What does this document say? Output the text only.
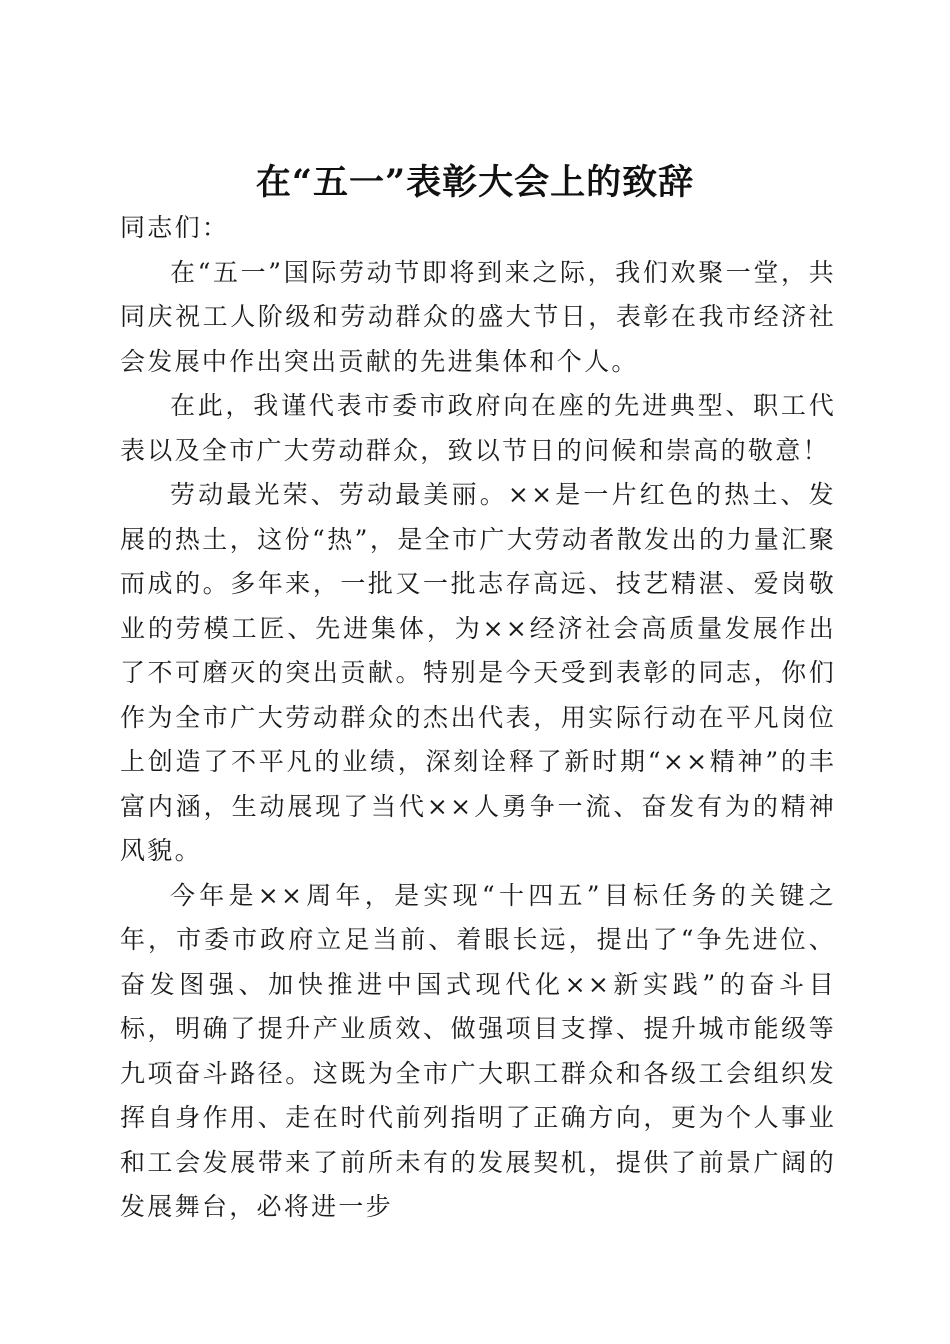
在“五一”表彰大会上的致辞

同志们：

在“五一”国际劳动节即将到来之际，我们欢聚一堂，共同庆祝工人阶级和劳动群众的盛大节日，表彰在我市经济社会发展中作出突出贡献的先进集体和个人。

在此，我谨代表市委市政府向在座的先进典型、职工代表以及全市广大劳动群众，致以节日的问候和崇高的敬意！

劳动最光荣、劳动最美丽。××是一片红色的热土、发展的热土，这份“热”，是全市广大劳动者散发出的力量汇聚而成的。多年来，一批又一批志存高远、技艺精湛、爱岗敬业的劳模工匠、先进集体，为××经济社会高质量发展作出了不可磨灭的突出贡献。特别是今天受到表彰的同志，你们作为全市广大劳动群众的杰出代表，用实际行动在平凡岗位上创造了不平凡的业绩，深刻诠释了新时期“××精神”的丰富内涵，生动展现了当代××人勇争一流、奋发有为的精神风貌。

今年是××周年，是实现“十四五”目标任务的关键之年，市委市政府立足当前、着眼长远，提出了“争先进位、奋发图强、加快推进中国式现代化××新实践”的奋斗目标，明确了提升产业质效、做强项目支撑、提升城市能级等九项奋斗路径。这既为全市广大职工群众和各级工会组织发挥自身作用、走在时代前列指明了正确方向，更为个人事业和工会发展带来了前所未有的发展契机，提供了前景广阔的发展舞台，必将进一步
